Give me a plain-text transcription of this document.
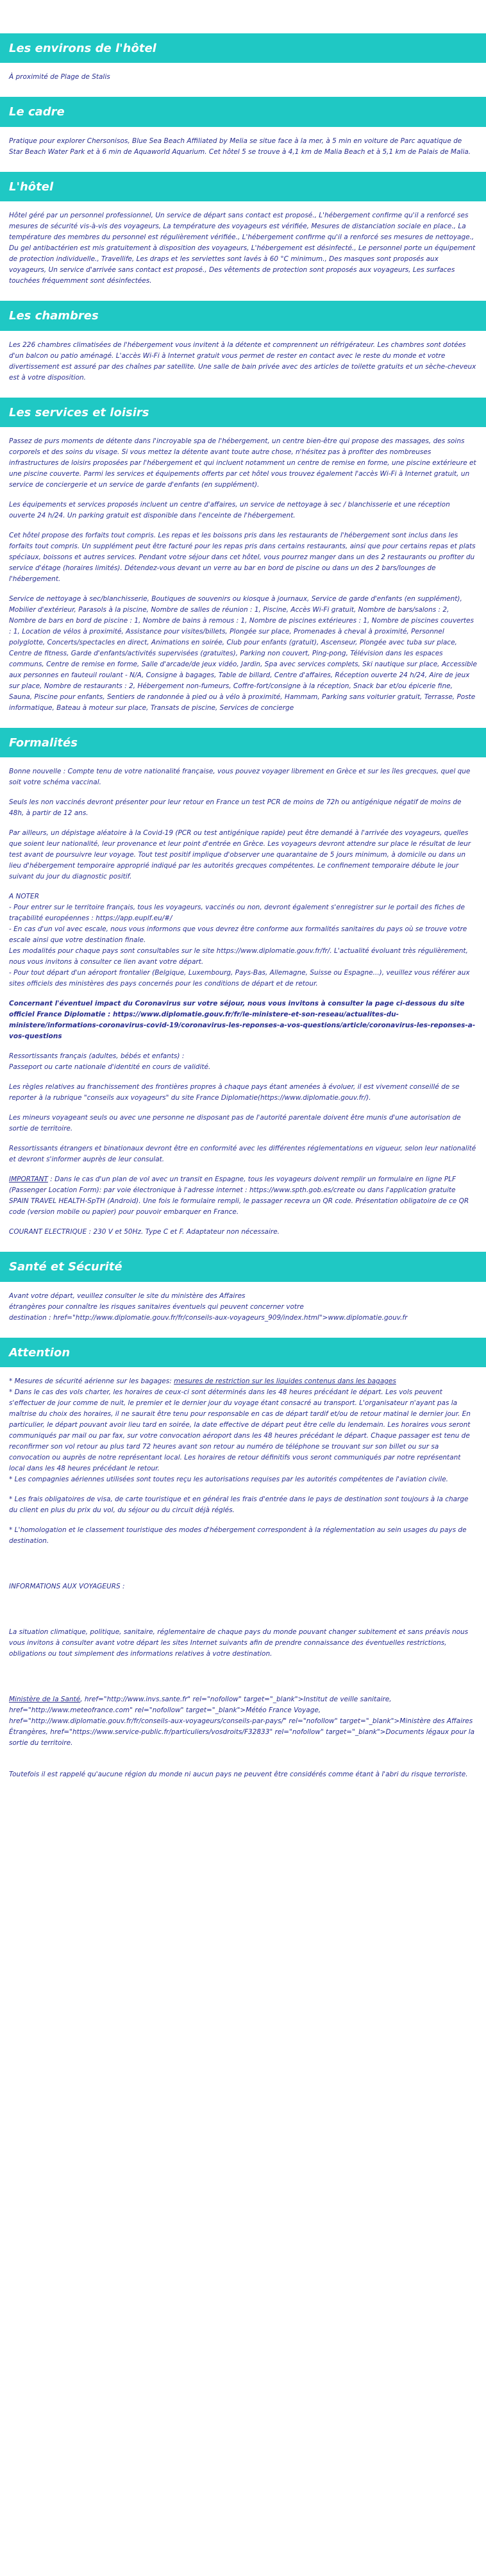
Les environs de l'hôtel

À proximité de Plage de Stalis

Le cadre

Pratique pour explorer Chersonisos, Blue Sea Beach Affiliated by Melia se situe face à la mer, à 5 min en voiture de Parc aquatique de Star Beach Water Park et à 6 min de Aquaworld Aquarium. Cet hôtel 5 se trouve à 4,1 km de Malia Beach et à 5,1 km de Palais de Malia.

L'hôtel

Hôtel géré par un personnel professionnel, Un service de départ sans contact est proposé., L'hébergement confirme qu'il a renforcé ses mesures de sécurité vis-à-vis des voyageurs, La température des voyageurs est vérifiée, Mesures de distanciation sociale en place., La température des membres du personnel est régulièrement vérifiée., L'hébergement confirme qu'il a renforcé ses mesures de nettoyage., Du gel antibactérien est mis gratuitement à disposition des voyageurs, L'hébergement est désinfecté., Le personnel porte un équipement de protection individuelle., Travellife, Les draps et les serviettes sont lavés à 60 °C minimum., Des masques sont proposés aux voyageurs, Un service d'arrivée sans contact est proposé., Des vêtements de protection sont proposés aux voyageurs, Les surfaces touchées fréquemment sont désinfectées.

Les chambres

Les 226 chambres climatisées de l'hébergement vous invitent à la détente et comprennent un réfrigérateur. Les chambres sont dotées d'un balcon ou patio aménagé. L'accès Wi-Fi à Internet gratuit vous permet de rester en contact avec le reste du monde et votre divertissement est assuré par des chaînes par satellite. Une salle de bain privée avec des articles de toilette gratuits et un sèche-cheveux est à votre disposition.

Les services et loisirs

Passez de purs moments de détente dans l'incroyable spa de l'hébergement, un centre bien-être qui propose des massages, des soins corporels et des soins du visage. Si vous mettez la détente avant toute autre chose, n'hésitez pas à profiter des nombreuses infrastructures de loisirs proposées par l'hébergement et qui incluent notamment un centre de remise en forme, une piscine extérieure et une piscine couverte. Parmi les services et équipements offerts par cet hôtel vous trouvez également l'accès Wi-Fi à Internet gratuit, un service de conciergerie et un service de garde d'enfants (en supplément).

Les équipements et services proposés incluent un centre d'affaires, un service de nettoyage à sec / blanchisserie et une réception ouverte 24 h/24. Un parking gratuit est disponible dans l'enceinte de l'hébergement.

Cet hôtel propose des forfaits tout compris. Les repas et les boissons pris dans les restaurants de l'hébergement sont inclus dans les forfaits tout compris. Un supplément peut être facturé pour les repas pris dans certains restaurants, ainsi que pour certains repas et plats spéciaux, boissons et autres services. Pendant votre séjour dans cet hôtel, vous pourrez manger dans un des 2 restaurants ou profiter du service d'étage (horaires limités). Détendez-vous devant un verre au bar en bord de piscine ou dans un des 2 bars/lounges de l'hébergement.

Service de nettoyage à sec/blanchisserie, Boutiques de souvenirs ou kiosque à journaux, Service de garde d'enfants (en supplément), Mobilier d'extérieur, Parasols à la piscine, Nombre de salles de réunion : 1, Piscine, Accès Wi-Fi gratuit, Nombre de bars/salons : 2, Nombre de bars en bord de piscine : 1, Nombre de bains à remous : 1, Nombre de piscines extérieures : 1, Nombre de piscines couvertes : 1, Location de vélos à proximité, Assistance pour visites/billets, Plongée sur place, Promenades à cheval à proximité, Personnel polyglotte, Concerts/spectacles en direct, Animations en soirée, Club pour enfants (gratuit), Ascenseur, Plongée avec tuba sur place, Centre de fitness, Garde d'enfants/activités supervisées (gratuites), Parking non couvert, Ping-pong, Télévision dans les espaces communs, Centre de remise en forme, Salle d'arcade/de jeux vidéo, Jardin, Spa avec services complets, Ski nautique sur place, Accessible aux personnes en fauteuil roulant - N/A, Consigne à bagages, Table de billard, Centre d'affaires, Réception ouverte 24 h/24, Aire de jeux sur place, Nombre de restaurants : 2, Hébergement non-fumeurs, Coffre-fort/consigne à la réception, Snack bar et/ou épicerie fine, Sauna, Piscine pour enfants, Sentiers de randonnée à pied ou à vélo à proximité, Hammam, Parking sans voiturier gratuit, Terrasse, Poste informatique, Bateau à moteur sur place, Transats de piscine, Services de concierge

Formalités

Bonne nouvelle : Compte tenu de votre nationalité française, vous pouvez voyager librement en Grèce et sur les îles grecques, quel que soit votre schéma vaccinal.

Seuls les non vaccinés devront présenter pour leur retour en France un test PCR de moins de 72h ou antigénique négatif de moins de 48h, à partir de 12 ans.

Par ailleurs, un dépistage aléatoire à la Covid-19 (PCR ou test antigénique rapide) peut être demandé à l'arrivée des voyageurs, quelles que soient leur nationalité, leur provenance et leur point d'entrée en Grèce. Les voyageurs devront attendre sur place le résultat de leur test avant de poursuivre leur voyage. Tout test positif implique d'observer une quarantaine de 5 jours minimum, à domicile ou dans un lieu d'hébergement temporaire approprié indiqué par les autorités grecques compétentes. Le confinement temporaire débute le jour suivant du jour du diagnostic positif.

A NOTER
- Pour entrer sur le territoire français, tous les voyageurs, vaccinés ou non, devront également s'enregistrer sur le portail des fiches de traçabilité européennes : https://app.euplf.eu/#/
- En cas d'un vol avec escale, nous vous informons que vous devrez être conforme aux formalités sanitaires du pays où se trouve votre escale ainsi que votre destination finale.
Les modalités pour chaque pays sont consultables sur le site https://www.diplomatie.gouv.fr/fr/. L'actualité évoluant très régulièrement, nous vous invitons à consulter ce lien avant votre départ.
- Pour tout départ d'un aéroport frontalier (Belgique, Luxembourg, Pays-Bas, Allemagne, Suisse ou Espagne...), veuillez vous référer aux sites officiels des ministères des pays concernés pour les conditions de départ et de retour.

Concernant l'éventuel impact du Coronavirus sur votre séjour, nous vous invitons à consulter la page ci-dessous du site officiel France Diplomatie : https://www.diplomatie.gouv.fr/fr/le-ministere-et-son-reseau/actualites-du-ministere/informations-coronavirus-covid-19/coronavirus-les-reponses-a-vos-questions/article/coronavirus-les-reponses-a-vos-questions

Ressortissants français (adultes, bébés et enfants) :
Passeport ou carte nationale d'identité en cours de validité.

Les règles relatives au franchissement des frontières propres à chaque pays étant amenées à évoluer, il est vivement conseillé de se reporter à la rubrique "conseils aux voyageurs" du site France Diplomatie(https://www.diplomatie.gouv.fr/).

Les mineurs voyageant seuls ou avec une personne ne disposant pas de l'autorité parentale doivent être munis d'une autorisation de sortie de territoire.

Ressortissants étrangers et binationaux devront être en conformité avec les différentes réglementations en vigueur, selon leur nationalité et devront s'informer auprès de leur consulat.

IMPORTANT : Dans le cas d'un plan de vol avec un transit en Espagne, tous les voyageurs doivent remplir un formulaire en ligne PLF (Passenger Location Form): par voie électronique à l'adresse internet : https://www.spth.gob.es/create ou dans l'application gratuite SPAIN TRAVEL HEALTH-SpTH (Android). Une fois le formulaire rempli, le passager recevra un QR code. Présentation obligatoire de ce QR code (version mobile ou papier) pour pouvoir embarquer en France.

COURANT ELECTRIQUE : 230 V et 50Hz. Type C et F. Adaptateur non nécessaire.

Santé et Sécurité

Avant votre départ, veuillez consulter le site du ministère des Affaires
étrangères pour connaître les risques sanitaires éventuels qui peuvent concerner votre
destination : href="http://www.diplomatie.gouv.fr/fr/conseils-aux-voyageurs_909/index.html">www.diplomatie.gouv.fr

Attention

* Mesures de sécurité aérienne sur les bagages: mesures de restriction sur les liquides contenus dans les bagages
* Dans le cas des vols charter, les horaires de ceux-ci sont déterminés dans les 48 heures précédant le départ. Les vols peuvent s'effectuer de jour comme de nuit, le premier et le dernier jour du voyage étant consacré au transport. L'organisateur n'ayant pas la maîtrise du choix des horaires, il ne saurait être tenu pour responsable en cas de départ tardif et/ou de retour matinal le dernier jour. En particulier, le départ pouvant avoir lieu tard en soirée, la date effective de départ peut être celle du lendemain. Les horaires vous seront communiqués par mail ou par fax, sur votre convocation aéroport dans les 48 heures précédant le départ. Chaque passager est tenu de reconfirmer son vol retour au plus tard 72 heures avant son retour au numéro de téléphone se trouvant sur son billet ou sur sa convocation ou auprès de notre représentant local. Les horaires de retour définitifs vous seront communiqués par notre représentant local dans les 48 heures précédant le retour.
* Les compagnies aériennes utilisées sont toutes reçu les autorisations requises par les autorités compétentes de l'aviation civile.

* Les frais obligatoires de visa, de carte touristique et en général les frais d'entrée dans le pays de destination sont toujours à la charge du client en plus du prix du vol, du séjour ou du circuit déjà réglés.

* L'homologation et le classement touristique des modes d'hébergement correspondent à la réglementation au sein usages du pays de destination.

INFORMATIONS AUX VOYAGEURS :

La situation climatique, politique, sanitaire, réglementaire de chaque pays du monde pouvant changer subitement et sans préavis nous vous invitons à consulter avant votre départ les sites Internet suivants afin de prendre connaissance des éventuelles restrictions, obligations ou tout simplement des informations relatives à votre destination.

Ministère de la Santé, href="http://www.invs.sante.fr" rel="nofollow" target="_blank">Institut de veille sanitaire, href="http://www.meteofrance.com" rel="nofollow" target="_blank">Météo France Voyage, href="http://www.diplomatie.gouv.fr/fr/conseils-aux-voyageurs/conseils-par-pays/" rel="nofollow" target="_blank">Ministère des Affaires Étrangères, href="https://www.service-public.fr/particuliers/vosdroits/F32833" rel="nofollow" target="_blank">Documents légaux pour la sortie du territoire.

Toutefois il est rappelé qu'aucune région du monde ni aucun pays ne peuvent être considérés comme étant à l'abri du risque terroriste.
